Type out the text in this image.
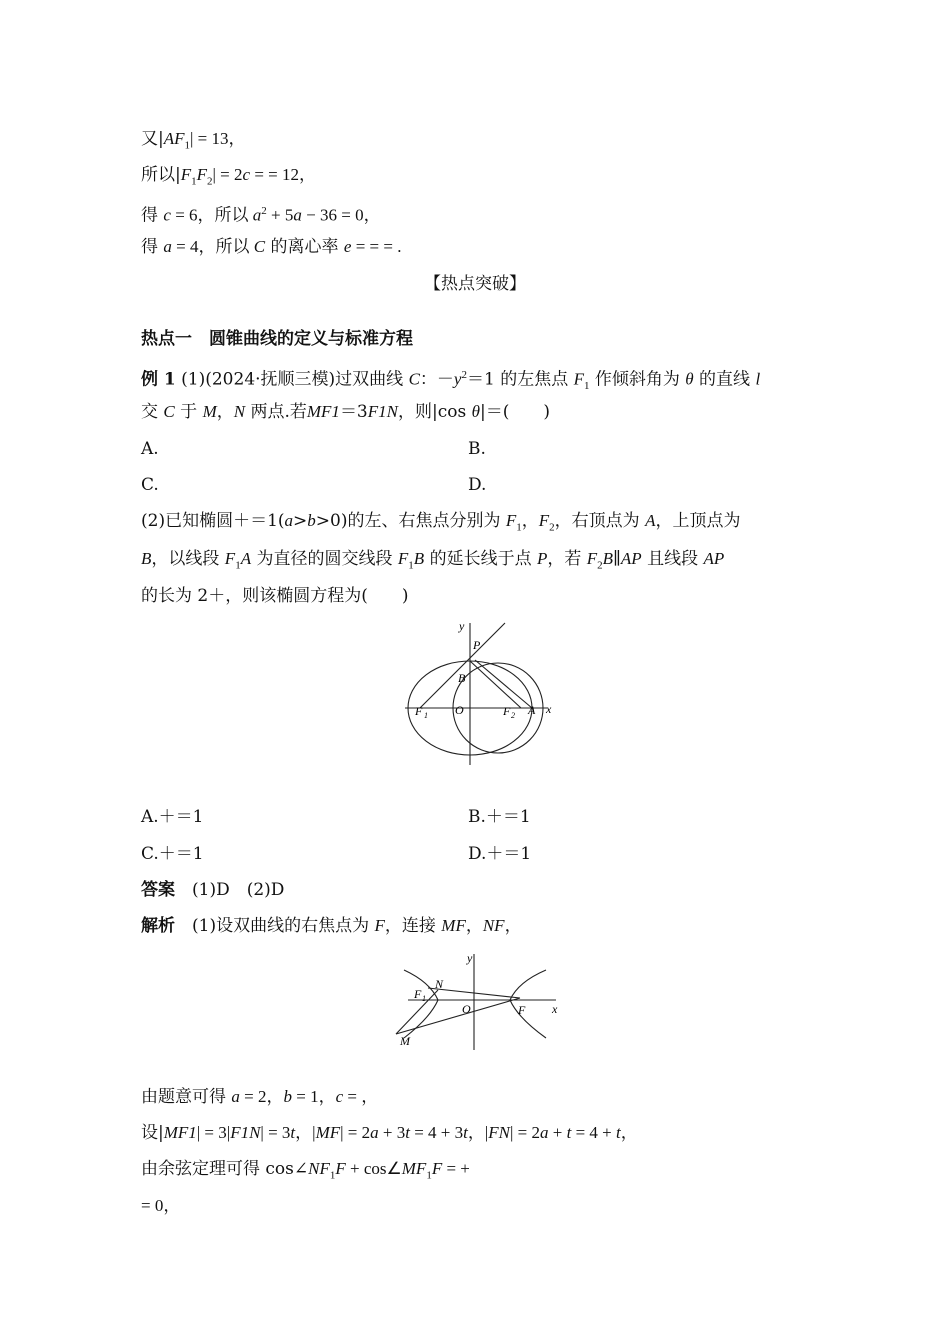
又$|AF_1| = 13$，
所以$|F_1F_2| = 2c$ = = 12，
得 c = 6，所以 $a^2 + 5a - 36 = 0$，
得 a = 4，所以 C 的离心率 e = = = .
【热点突破】
热点一　圆锥曲线的定义与标准方程
例 1 (1)(2024·抚顺三模)过双曲线 C：$-y^2=1$ 的左焦点 $F_1$ 作倾斜角为 θ 的直线 l
交 C 于 M，N 两点.若MF1＝3F1N，则|cos θ|＝(　　)
A.	B.
C.	D.
(2)已知椭圆＋＝1(a>b>0)的左、右焦点分别为 $F_1$，$F_2$，右顶点为 A，上顶点为
B，以线段 $F_1A$ 为直径的圆交线段 $F_1B$ 的延长线于点 P，若 $F_2B\parallel AP$ 且线段 AP
的长为 2＋，则该椭圆方程为(　　)
y
P
B
F 1 O	F 2 A x
A.＋＝1	B.＋＝1
C.＋＝1	D.＋＝1
答案　 (1)D　(2)D
解析　 (1)设双曲线的右焦点为 F，连接 MF，NF，
y
N
F 1
O	F x
M
由题意可得 a = 2，b = 1，c = ，
设|MF1| = 3|F1N| = 3t，|MF| = 2a + 3t = 4 + 3t，|FN| = 2a + t = 4 + t，
由余弦定理可得 $\cos\angle NF_1F$ + $\cos\angle MF_1F$ = +
= 0，
